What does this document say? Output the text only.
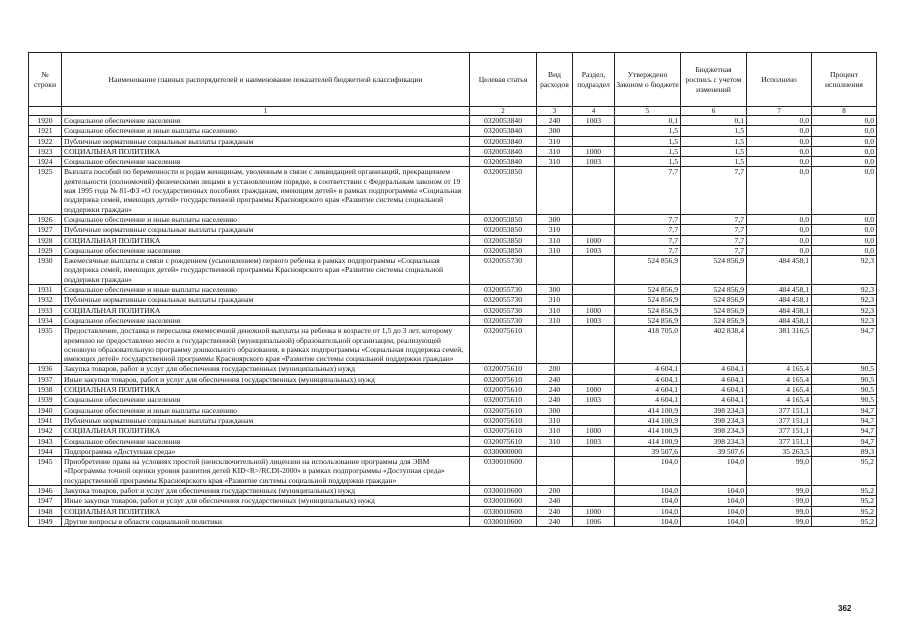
№ строки	Наименование главных распорядителей и наименование показателей бюджетной классификации	Целевая статья	Вид расходов	Раздел, подраздел	Утверждено Законом о бюджете	Бюджетная роспись с учетом изменений	Исполнено	Процент исполнения
	1	2	3	4	5	6	7	8
1920	Социальное обеспечение населения	0320053840	240	1003	0,1	0,1	0,0	0,0
1921	Социальное обеспечение и иные выплаты населению	0320053840	300		1,5	1,5	0,0	0,0
1922	Публичные нормативные социальные выплаты гражданам	0320053840	310		1,5	1,5	0,0	0,0
1923	СОЦИАЛЬНАЯ ПОЛИТИКА	0320053840	310	1000	1,5	1,5	0,0	0,0
1924	Социальное обеспечение населения	0320053840	310	1003	1,5	1,5	0,0	0,0
1925	Выплата пособий по беременности и родам женщинам, уволенным в связи с ликвидацией организаций, прекращением деятельности (полномочий) физическими лицами в установленном порядке, в соответствии с Федеральным законом от 19 мая 1995 года № 81-ФЗ «О государственных пособиях гражданам, имеющим детей» в рамках подпрограммы «Социальная поддержка семей, имеющих детей» государственной программы Красноярского края «Развитие системы социальной поддержки граждан»	0320053850			7,7	7,7	0,0	0,0
1926	Социальное обеспечение и иные выплаты населению	0320053850	300		7,7	7,7	0,0	0,0
1927	Публичные нормативные социальные выплаты гражданам	0320053850	310		7,7	7,7	0,0	0,0
1928	СОЦИАЛЬНАЯ ПОЛИТИКА	0320053850	310	1000	7,7	7,7	0,0	0,0
1929	Социальное обеспечение населения	0320053850	310	1003	7,7	7,7	0,0	0,0
1930	Ежемесячные выплаты в связи с рождением (усыновлением) первого ребенка в рамках подпрограммы «Социальная поддержка семей, имеющих детей» государственной программы Красноярского края «Развитие системы социальной поддержки граждан»	0320055730			524 856,9	524 856,9	484 458,1	92,3
1931	Социальное обеспечение и иные выплаты населению	0320055730	300		524 856,9	524 856,9	484 458,1	92,3
1932	Публичные нормативные социальные выплаты гражданам	0320055730	310		524 856,9	524 856,9	484 458,1	92,3
1933	СОЦИАЛЬНАЯ ПОЛИТИКА	0320055730	310	1000	524 856,9	524 856,9	484 458,1	92,3
1934	Социальное обеспечение населения	0320055730	310	1003	524 856,9	524 856,9	484 458,1	92,3
1935	Предоставление, доставка и пересылка ежемесячной денежной выплаты на ребенка в возрасте от 1,5 до 3 лет, которому временно не предоставлено место в государственной (муниципальной) образовательной организации, реализующей основную образовательную программу дошкольного образования, в рамках подпрограммы «Социальная поддержка семей, имеющих детей» государственной программы Красноярского края «Развитие системы социальной поддержки граждан»	0320075610			418 705,0	402 838,4	381 316,5	94,7
1936	Закупка товаров, работ и услуг для обеспечения государственных (муниципальных) нужд	0320075610	200		4 604,1	4 604,1	4 165,4	90,5
1937	Иные закупки товаров, работ и услуг для обеспечения государственных (муниципальных) нужд	0320075610	240		4 604,1	4 604,1	4 165,4	90,5
1938	СОЦИАЛЬНАЯ ПОЛИТИКА	0320075610	240	1000	4 604,1	4 604,1	4 165,4	90,5
1939	Социальное обеспечение населения	0320075610	240	1003	4 604,1	4 604,1	4 165,4	90,5
1940	Социальное обеспечение и иные выплаты населению	0320075610	300		414 100,9	398 234,3	377 151,1	94,7
1941	Публичные нормативные социальные выплаты гражданам	0320075610	310		414 100,9	398 234,3	377 151,1	94,7
1942	СОЦИАЛЬНАЯ ПОЛИТИКА	0320075610	310	1000	414 100,9	398 234,3	377 151,1	94,7
1943	Социальное обеспечение населения	0320075610	310	1003	414 100,9	398 234,3	377 151,1	94,7
1944	Подпрограмма «Доступная среда»	0330000000			39 507,6	39 507,6	35 263,5	89,3
1945	Приобретение права на условиях простой (неисключительной) лицензии на использование программы для ЭВМ «Программы точной оценки уровня развития детей KID<R>/RCDI-2000» в рамках подпрограммы «Доступная среда» государственной программы Красноярского края «Развитие системы социальной поддержки граждан»	0330010600			104,0	104,0	99,0	95,2
1946	Закупка товаров, работ и услуг для обеспечения государственных (муниципальных) нужд	0330010600	200		104,0	104,0	99,0	95,2
1947	Иные закупки товаров, работ и услуг для обеспечения государственных (муниципальных) нужд	0330010600	240		104,0	104,0	99,0	95,2
1948	СОЦИАЛЬНАЯ ПОЛИТИКА	0330010600	240	1000	104,0	104,0	99,0	95,2
1949	Другие вопросы в области социальной политики	0330010600	240	1006	104,0	104,0	99,0	95,2
362
